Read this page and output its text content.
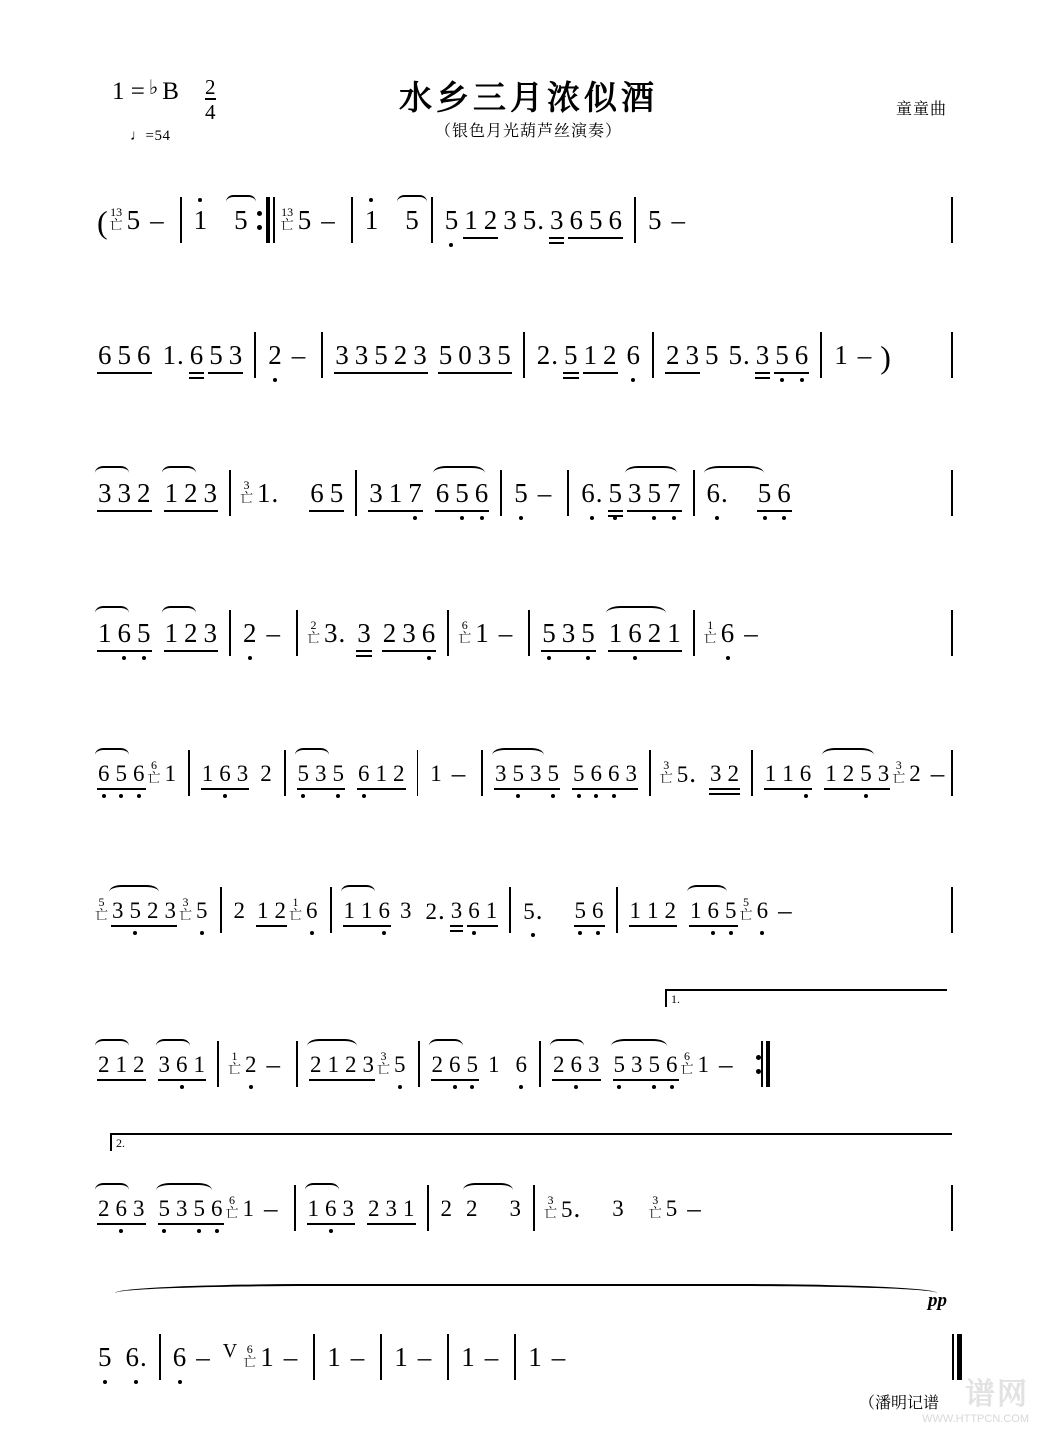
1 = ♭ B $\frac{2}{4}$
♩=54
水乡三月浓似酒
（银色月光葫芦丝演奏）
童童曲
( 13
亡 5 – 1	5	13
亡 5 – 1	5 5 1 2 3 5. 3 6 5 6 5 –
6 5 6 1. 6 5 3 2 – 3 3 5 2 3 5 0 3 5 2. 5 1 2 6 2 3 5 5. 3 5 6 1 – )
3 3 2 1 2 3 3
亡 1. 6 5 3 1 7 6 5 6 5 – 6
. 5 3 5 7 6
. 5 6
1 6 5 1 2 3 2 –	2
亡 3. 3 2 3 6 6
亡 1 – 5 3 5 1 6 2 1 1
亡 6 –
6 5 6 6
亡 1 1 6 3 2 5 3 5 6 1 2 1 –	3 5 3 5 5 6 6 3 3
亡 5. 3 2 1 1 6 1 2 5 3 3
亡 2 –
5
亡 3 5 2 3 3
亡 5 2 1 2 1
亡 6 1 1 6 3 2. 3 6 1 5
. 5 6 1 1 2 1 6 5 5
亡 6 –
1.
2 1 2 3 6 1 1
亡 2 –	2 1 2 3 3
亡 5 2 6 5 1 6 2 6 3 5 3 5 6 6
亡 1 –
2.
2 6 3 5 3 5 6 6
亡 1 –	1 6 3 2 3 1 2 2 3 3
亡 5. 3 3
亡 5 –
pp
5 6
. 6 – V 6
亡 1 – 1 – 1 – 1 – 1 –
（潘明记谱 谱网
WWW.HTTPCN.COM
